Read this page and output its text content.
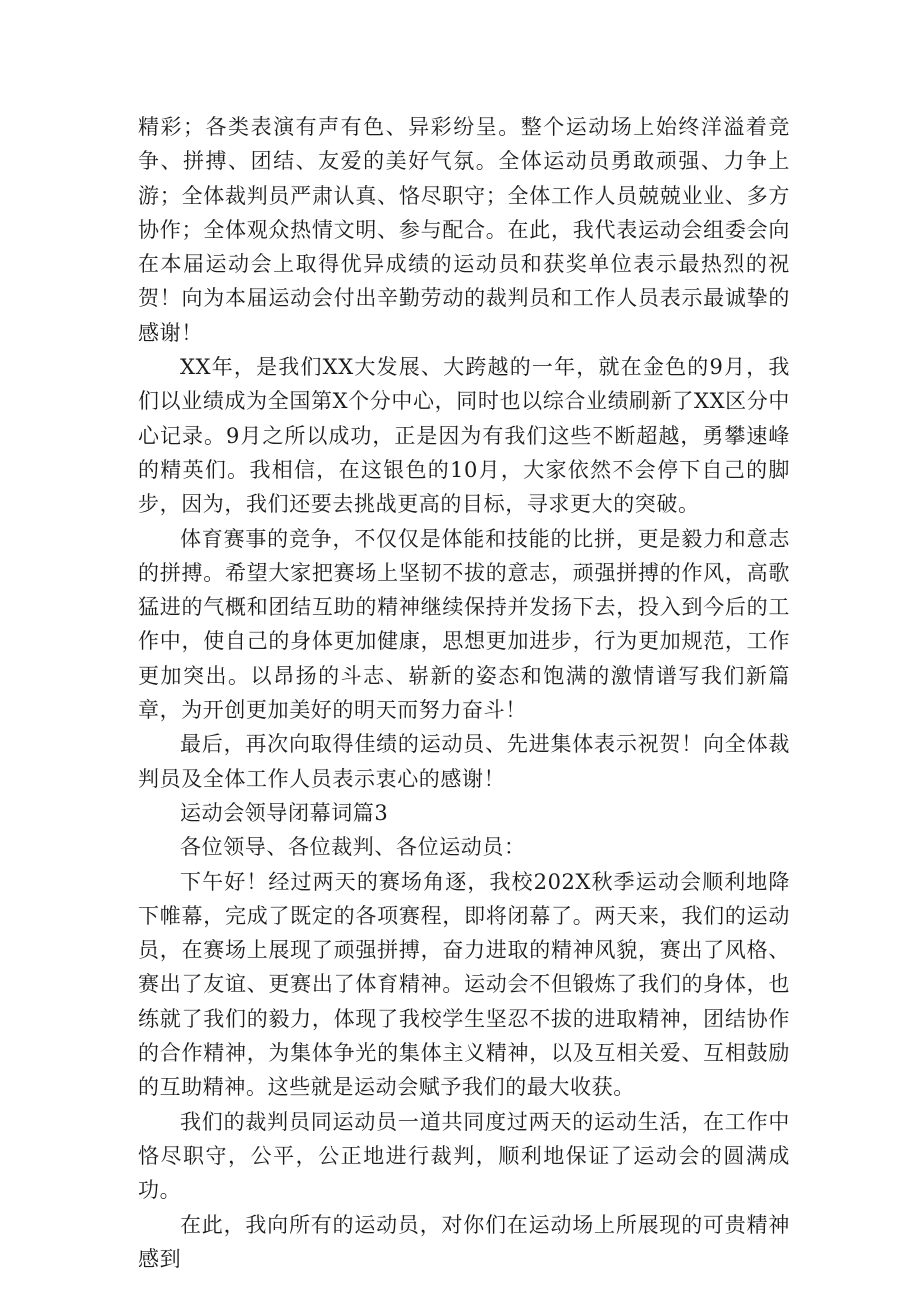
精彩；各类表演有声有色、异彩纷呈。整个运动场上始终洋溢着竞争、拼搏、团结、友爱的美好气氛。全体运动员勇敢顽强、力争上游；全体裁判员严肃认真、恪尽职守；全体工作人员兢兢业业、多方协作；全体观众热情文明、参与配合。在此，我代表运动会组委会向在本届运动会上取得优异成绩的运动员和获奖单位表示最热烈的祝贺！向为本届运动会付出辛勤劳动的裁判员和工作人员表示最诚挚的感谢！

XX年，是我们XX大发展、大跨越的一年，就在金色的9月，我们以业绩成为全国第X个分中心，同时也以综合业绩刷新了XX区分中心记录。9月之所以成功，正是因为有我们这些不断超越，勇攀速峰的精英们。我相信，在这银色的10月，大家依然不会停下自己的脚步，因为，我们还要去挑战更高的目标，寻求更大的突破。

体育赛事的竞争，不仅仅是体能和技能的比拼，更是毅力和意志的拼搏。希望大家把赛场上坚韧不拔的意志，顽强拼搏的作风，高歌猛进的气概和团结互助的精神继续保持并发扬下去，投入到今后的工作中，使自己的身体更加健康，思想更加进步，行为更加规范，工作更加突出。以昂扬的斗志、崭新的姿态和饱满的激情谱写我们新篇章，为开创更加美好的明天而努力奋斗！

最后，再次向取得佳绩的运动员、先进集体表示祝贺！向全体裁判员及全体工作人员表示衷心的感谢！

运动会领导闭幕词篇3

各位领导、各位裁判、各位运动员：

下午好！经过两天的赛场角逐，我校202X秋季运动会顺利地降下帷幕，完成了既定的各项赛程，即将闭幕了。两天来，我们的运动员，在赛场上展现了顽强拼搏，奋力进取的精神风貌，赛出了风格、赛出了友谊、更赛出了体育精神。运动会不但锻炼了我们的身体，也练就了我们的毅力，体现了我校学生坚忍不拔的进取精神，团结协作的合作精神，为集体争光的集体主义精神，以及互相关爱、互相鼓励的互助精神。这些就是运动会赋予我们的最大收获。

我们的裁判员同运动员一道共同度过两天的运动生活，在工作中恪尽职守，公平，公正地进行裁判，顺利地保证了运动会的圆满成功。

在此，我向所有的运动员，对你们在运动场上所展现的可贵精神感到
